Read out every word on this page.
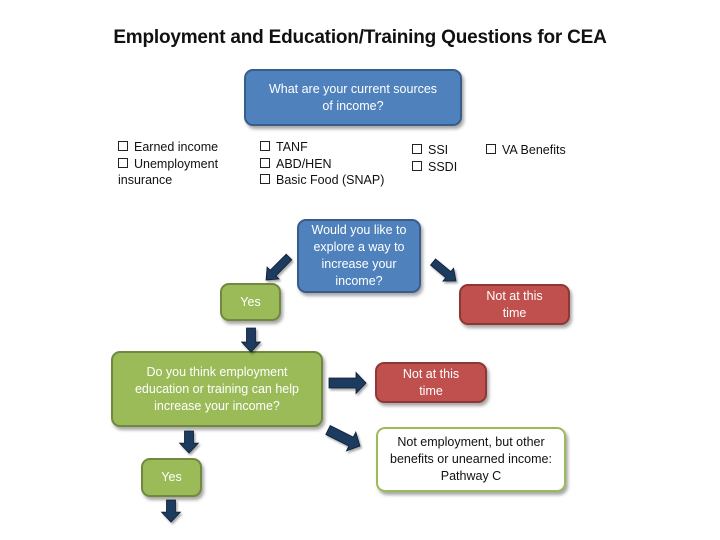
Employment and Education/Training Questions for CEA
What are your current sources of income?
Earned income
Unemployment
insurance
TANF
ABD/HEN
Basic Food (SNAP)
SSI
SSDI
VA Benefits
Would you like to explore a way to increase your income?
Yes	Not at this time
Do you think employment education or training can help increase your income?
Not at this time
Not employment, but other benefits or unearned income: Pathway C
Yes
